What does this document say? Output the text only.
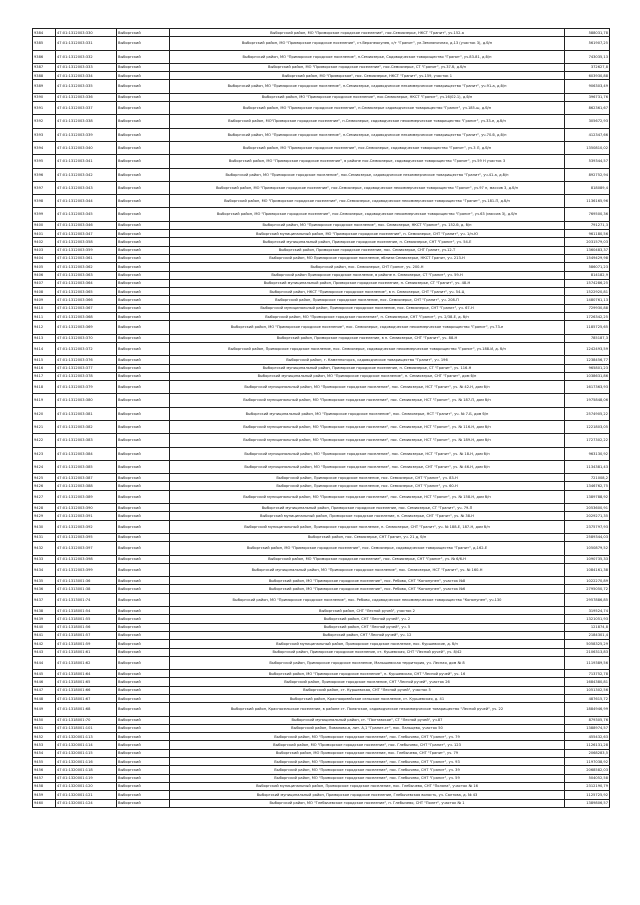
9384	47:01:1312003:330	Выборгский	Выборгский район, МО "Приморское городское поселение", пос.Семиозерье, НКСТ "Гранит", уч.152-а	588031,78
9385	47:01:1312003:331	Выборгский	Выборгский район, МО "Приморское городское поселение", ст.Верхнеокунев, с/т "Гранит", ул.Земляничная, д.13 (участок 3), д.б/н	561907,25
9386	47:01:1312003:332	Выборгский	Выборгский район, МО "Приморское городское поселение", п.Семиозерье, Садоводческое товарищество "Гранит", уч.83-81, д.б/н	743035,13
9387	47:01:1312003:333	Выборгский	Выборгский район, МО "Приморское городское поселение", пос.Семиозерье, СТ "Гранит", уч.37-б, д.б/н	372627,8
9388	47:01:1312003:334	Выборгский	Выборгский район, МО "Приморское", пос. Семиозерье, НКСТ "Гранит", уч.159, участок 1	603930,88
9389	47:01:1312003:335	Выборгский	Выборгский район, МО "Приморское городское поселение", п.Семиозерье, садоводческое некоммерческое товарищество "Гранит", уч.91-а, д.б/н	906303,49
9390	47:01:1312003:336	Выборгский	Выборгский район, МО "Приморское городское поселение", пос.Семиозерье, НКСТ "Гранит", уч.16(02.1), д.б/н	396731,76
9391	47:01:1312003:337	Выборгский	Выборгский район, МО "Приморское городское поселение", п.Семиозерье садоводческое товарищество "Гранит", уч.185-ш, д.б/н	862361,67
9392	47:01:1312003:338	Выборгский	Выборгский район, МО"Приморское городское поселение", п.Семиозерье, садоводческое некоммерческое товарищество "Гранит", уч.33-е, д.б/н	305672,93
9393	47:01:1312003:339	Выборгский	Выборгский район, МО "Приморское городское поселение", п.Семиозерье, садоводческое некоммерческое товарищество "Гранит", уч.70-б, д.б/н	412347,66
9394	47:01:1312003:340	Выборгский	Выборгский район, МО "Приморское городское поселение", пос.Семиозерье, садоводческое товарищество "Гранит", уч.3 Л, д.б/н	1350810,02
9395	47:01:1312003:341	Выборгский	Выборгский район, МО "Приморское городское поселение", в районе пос.Семиозерье, садоводческое товарищество "Гранит", уч.59 Н участок 3	539344,57
9396	47:01:1312003:342	Выборгский	Выборгский район, МО "Приморское городское поселение", пос.Семиозерье, садоводческое некоммерческое товарищество "Гранит", уч.41-а, д.б/н	892752,94
9397	47:01:1312003:343	Выборгский	Выборгский район, МО "Приморское городское поселение", пос.Семиозерье, садоводческое некоммерческое товарищество "Гранит", уч.97 п, массив 3, д.б/н	818089,4
9398	47:01:1312003:344	Выборгский	Выборгский район, МО "Приморское городское поселение", пос.Семиозерье, садоводческое некоммерческое товарищество "Гранит", уч.181-П, д.б/н	1136165,96
9399	47:01:1312003:345	Выборгский	Выборгский район, МО "Приморское городское поселение", пос.Семиозерье, садоводческое некоммерческое товарищество "Гранит", уч.63 (массив 3), д.б/н	769500,36
9400	47:01:1312003:346	Выборгский	Выборгский район, МО "Приморское городское поселение", пос. Семиозерье, НКСТ "Гранит", уч. 152-б, д. б/н	791271,3
9401	47:01:1312003:347	Выборгский	Выборгский муниципальный район, МО "Приморское городское поселение", п. Семиозерье, СНТ "Гранит", уч. 1/н-Ю	961180,56
9402	47:01:1312003:358	Выборгский	Выборгский муниципальный район, Приморское городское поселение, п. Семиозерье, СНТ "Гранит", уч. 54-Е	2031579,03
9403	47:01:1312003:359	Выборгский	Выборгский район, Приморское городское поселение, пос. Семиозерье, СНТ Гранит, уч.12-Т	1360483,37
9404	47:01:1312003:361	Выборгский	Выборгский район, МО Приморское городское поселение, вблизи Семиозерье, НКСТ Гранит, уч. 213-Н	1549429,98
9405	47:01:1312003:362	Выборгский	Выборгский район, пос. Семиозерье, СНТ Гранит, уч. 200-Н	586071,23
9406	47:01:1312003:363	Выборгский	Выборгский район Приморское городское поселение, в районе п. Семиозерье, СТ "Гранит", уч. 59-Н	814182,9
9407	47:01:1312003:364	Выборгский	Выборгский муниципальный район, Приморское городское поселение, п. Семиозерье, СТ "Гранит", уч. 48-Н	1574286,25
9408	47:01:1312003:365	Выборгский	Выборгский район, НКСТ "Приморское городское поселение", в п. Семиозерье, СНТ "Гранит", уч. 54-Ц	1522920,81
9409	47:01:1312003:366	Выборгский	Выборгский район, Приморское городское поселение, пос. Семиозерье, СНТ "Гранит", уч. 208-П	1480761,13
9410	47:01:1312003:367	Выборгский	Выборгский муниципальный район, Приморское городское поселение, пос. Семиозерье, СНТ "Гранит", уч. 67-Н	729930,88
9411	47:01:1312003:368	Выборгский	Выборгский район, МО "Приморское городское поселение", п. Семиозерье, СНТ "Гранит", уч. 2/38-Е, д. б/н	1726342,25
9412	47:01:1312003:369	Выборгский	Выборгский район, МО "Приморское городское поселение", пос. Семиозерье, садоводческое некоммерческое товарищество "Гранит", уч.73-е	1185725,65
9413	47:01:1312003:370	Выборгский	Выборгский район, Приморское городское поселение, в п. Семиозерье, СНТ "Гранит", уч. 88-Н	785187,3
9414	47:01:1312003:372	Выборгский	Выборгский район, Приморское городское поселение, пос. Семиозерье, садоводческое некоммерческое товарищество "Гранит", уч.188-И, д. б/н	1242493,59
9415	47:01:1312003:376	Выборгский	Выборгский район, г. Каменногорск, садоводческое товарищество "Гранит", уч. 196	1238456,77
9416	47:01:1312003:377	Выборгский	Выборгский муниципальный район, Приморское городское поселение, п. Семиозерье, СТ "Гранит", уч. 116-Н	965801,23
9417	47:01:1312003:378	Выборгский	Выборгский муниципальный район, МО "Приморское городское поселение", п. Семиозерье, СНТ "Гранит", дом б/н	1038631,86
9418	47:01:1312003:379	Выборгский	Выборгский муниципальный район, МО "Приморское городское поселение", пос. Семиозерье, НСТ "Гранит", уч. № 42-Н, дом б/н	1617363,93
9419	47:01:1312003:380	Выборгский	Выборгский муниципальный район, МО "Приморское городское поселение", пос. Семиозерье, НСТ "Гранит", уч. № 187-П, дом б/н	1975848,06
9420	47:01:1312003:381	Выборгский	Выборгский муниципальный район, МО "Приморское городское поселение", пос. Семиозерье, НСТ "Гранит", уч. № 7-Б, дом б/н	2574905,22
9421	47:01:1312003:382	Выборгский	Выборгский муниципальный район, МО "Приморское городское поселение", пос. Семиозерье, НСТ "Гранит", уч. № 116-Н, дом б/н	1221803,05
9422	47:01:1312003:383	Выборгский	Выборгский муниципальный район, МО "Приморское городское поселение", пос. Семиозерье, НСТ "Гранит", уч. № 189-Н, дом б/н	1727302,22
9423	47:01:1312003:384	Выборгский	Выборгский муниципальный район, МО "Приморское городское поселение", пос. Семиозерье, НСТ "Гранит", уч. № 18-Н, дом б/н	963130,92
9424	47:01:1312003:385	Выборгский	Выборгский муниципальный район, МО "Приморское городское поселение", пос. Семиозерье, СНТ "Гранит", уч. № 46-Н, дом б/н	1134381,43
9425	47:01:1312003:387	Выборгский	Выборгский район, Приморское городское поселение, пос. Семиозерье, СНТ "Гранит", уч. 83-Н	721008,2
9426	47:01:1312003:388	Выборгский	Выборгский район, Приморское городское поселение, пос. Семиозерье, СНТ "Гранит", уч. 60-Н	1346762,75
9427	47:01:1312003:389	Выборгский	Выборгский муниципальный район, МО "Приморское городское поселение", пос. Семиозерье, НСТ "Гранит", уч. № 158-Н, дом б/н	1389788,92
9428	47:01:1312003:390	Выборгский	Выборгский муниципальный район, Приморское городское поселение, пос. Семиозерье, СТ "Гранит", уч. 79-П	2053600,91
9429	47:01:1312003:391	Выборгский	Выборгский муниципальный район, Приморское городское поселение, п. Семиозерье, СНТ "Гранит", уч. № 38-Н	2029271,35
9430	47:01:1312003:392	Выборгский	Выборгский муниципальный район, Приморское городское поселение, п. Семиозерье, СНТ "Гранит", уч. № 188-Е, 187-Н, дом б/н	2375797,93
9431	47:01:1312003:395	Выборгский	Выборгский район, пос. Семиозерье, СНТ Гранит, уч. 21 д, б/н	2589344,03
9432	47:01:1312003:397	Выборгский	Выборгский район, МО "Приморское городское поселение", пос. Семиозерье, садоводческое товарищество "Гранит", д.162-Е	1050879,52
9433	47:01:1312003:398	Выборгский	Выборгский район, МО "Приморское городское поселение", пос. Семиозерье, СНТ "Гранит", уч. № 6/6-Н	1090735,33
9434	47:01:1312003:399	Выборгский	Выборгский муниципальный район, МО "Приморское городское поселение", пос. Семиозерье, НСТ "Гранит", уч. № 160-Н	1084161,38
9435	47:01:1313001:36	Выборгский	Выборгский район, МО "Приморское городское поселение", пос. Ребово, СНТ "Кононунен", участок №8	1022270,89
9436	47:01:1313001:38	Выборгский	Выборгский район, МО "Приморское городское поселение", пос. Ребово, СНТ "Кононунен", участок №6	2795050,72
9437	47:01:1313001:74	Выборгский	Выборгский район, МО "Приморское городское поселение", пос. Ребово, садоводческое некоммерческое товарищество "Кононунен", уч.130	2957886,85
9438	47:01:1318001:54	Выборгский	Выборгский район, СНТ "Лесной ручей", участок 2	319524,74
9439	47:01:1318001:55	Выборгский	Выборгский район, СНТ "Лесной ручей", уч. 2	1321051,93
9440	47:01:1318001:56	Выборгский	Выборгский район, СНТ "Лесной ручей", уч. 5	121874,8
9441	47:01:1318001:57	Выборгский	Выборгский район, СНТ "Лесной ручей", уч. 12	2184301,4
9442	47:01:1318001:59	Выборгский	Выборгский муниципальный район, Приморское городское поселение, пос. Куршевские, д. б/н	5058325,29
9443	47:01:1318001:61	Выборгский	Выборгский район, Приморское городское поселение, ст. Кушевская, СНТ "Лесной ручей", уч. 8/42	2106313,83
9444	47:01:1318001:62	Выборгский	Выборгский район, Приморское городское поселение, Малышевская территория, уч. Лесная, дом № 8	1119389,56
9445	47:01:1318001:64	Выборгский	Выборгский район, МО "Приморское городское поселение", п. Куршевская, СНТ "Лесной ручей", уч. 16	713752,78
9446	47:01:1318001:65	Выборгский	Выборгский район, Приморское городское поселение, СНТ "Лесной ручей", участок 26	1684380,81
9447	47:01:1318001:66	Выборгский	Выборгский район, ст. Куршевская, СНТ "Лесной ручей", участок 5	1051302,56
9448	47:01:1318001:67	Выборгский	Выборгский район, Красноармейское сельское поселение, ст. Куршевская, д. 41	487615,72
9449	47:01:1318001:68	Выборгский	Выборгский район, Красносельское поселение, в районе ст. Полянское, садоводческое некоммерческое товарищество "Лесной ручей", уч. 22	1884946,99
9450	47:01:1318001:70	Выборгский	Выборгский муниципальный район, ст. "Полтавское", СТ "Лесной ручей", уч.87	879305,76
9451	47:01:1318001:101	Выборгский	Выборгский район, Повалово-в, лит. А,1 "Гранит-ст", пос. Пальцево, участок 50	1388974,57
9452	47:01:1320001:113	Выборгский	Выборгский район, МО "Приморское городское поселение", пос. Глебычево, СНТ "Гранит", уч. 79	455432,63
9453	47:01:1320001:114	Выборгский	Выборгский район, МО "Приморское городское поселение", пос. Глебычево, СНТ "Гранит", уч. 123	1126131,28
9454	47:01:1320001:115	Выборгский	Выборгский район, МО Приморское городское поселение, пос. Глебычево, СНТ "Гранит", уч. 79	2068283,5
9455	47:01:1320001:116	Выборгский	Выборгский район, МО "Приморское городское поселение", пос. Глебычево, СНТ "Гранит", уч. 93	1197038,92
9456	47:01:1320001:118	Выборгский	Выборгский район, МО "Приморское городское поселение", пос. Глебычево, СНТ "Гранит", уч. 39	2068582,03
9457	47:01:1320001:119	Выборгский	Выборгский район, МО "Приморское городское поселение", пос. Глебычево, СНТ "Гранит", уч. 59	504052,58
9458	47:01:1320001:120	Выборгский	Выборгский муниципальный район, Приморское городское поселение, пос. Глебычево, СНТ "Поляна", участок № 16	2312190,79
9459	47:01:1320001:121	Выборгский	Выборгский муниципальный район, Приморское городское поселение, Глебычевская волость, уч. Салтова, д. № 43	1125725,92
9460	47:01:1320001:124	Выборгский	Выборгский район, МО "Глебычевское городское поселение", п. Глебычево, СНТ "Полет", участок № 1	1389806,57
